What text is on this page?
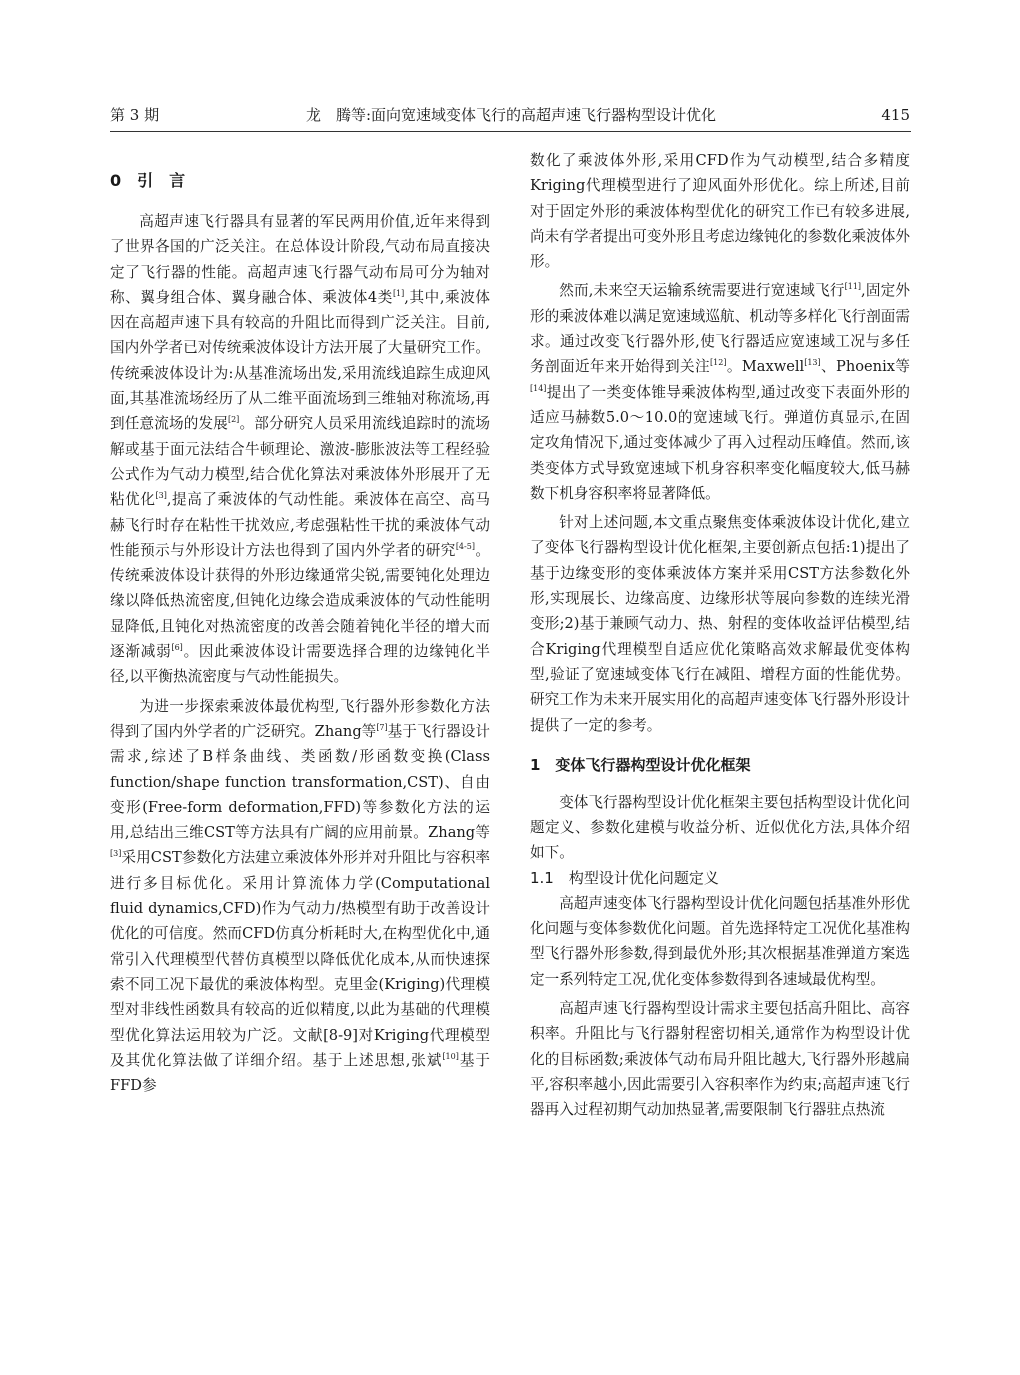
第 3 期	龙　腾等:面向宽速域变体飞行的高超声速飞行器构型设计优化	415
0　引　言

高超声速飞行器具有显著的军民两用价值,近年来得到了世界各国的广泛关注。在总体设计阶段,气动布局直接决定了飞行器的性能。高超声速飞行器气动布局可分为轴对称、翼身组合体、翼身融合体、乘波体4类[1],其中,乘波体因在高超声速下具有较高的升阻比而得到广泛关注。目前,国内外学者已对传统乘波体设计方法开展了大量研究工作。传统乘波体设计为:从基准流场出发,采用流线追踪生成迎风面,其基准流场经历了从二维平面流场到三维轴对称流场,再到任意流场的发展[2]。部分研究人员采用流线追踪时的流场解或基于面元法结合牛顿理论、激波-膨胀波法等工程经验公式作为气动力模型,结合优化算法对乘波体外形展开了无粘优化[3],提高了乘波体的气动性能。乘波体在高空、高马赫飞行时存在粘性干扰效应,考虑强粘性干扰的乘波体气动性能预示与外形设计方法也得到了国内外学者的研究[4-5]。传统乘波体设计获得的外形边缘通常尖锐,需要钝化处理边缘以降低热流密度,但钝化边缘会造成乘波体的气动性能明显降低,且钝化对热流密度的改善会随着钝化半径的增大而逐渐减弱[6]。因此乘波体设计需要选择合理的边缘钝化半径,以平衡热流密度与气动性能损失。

为进一步探索乘波体最优构型,飞行器外形参数化方法得到了国内外学者的广泛研究。Zhang等[7]基于飞行器设计需求,综述了B样条曲线、类函数/形函数变换(Class function/shape function transformation,CST)、自由变形(Free-form deformation,FFD)等参数化方法的运用,总结出三维CST等方法具有广阔的应用前景。Zhang等[3]采用CST参数化方法建立乘波体外形并对升阻比与容积率进行多目标优化。采用计算流体力学(Computational fluid dynamics,CFD)作为气动力/热模型有助于改善设计优化的可信度。然而CFD仿真分析耗时大,在构型优化中,通常引入代理模型代替仿真模型以降低优化成本,从而快速探索不同工况下最优的乘波体构型。克里金(Kriging)代理模型对非线性函数具有较高的近似精度,以此为基础的代理模型优化算法运用较为广泛。文献[8-9]对Kriging代理模型及其优化算法做了详细介绍。基于上述思想,张斌[10]基于FFD参

数化了乘波体外形,采用CFD作为气动模型,结合多精度Kriging代理模型进行了迎风面外形优化。综上所述,目前对于固定外形的乘波体构型优化的研究工作已有较多进展,尚未有学者提出可变外形且考虑边缘钝化的参数化乘波体外形。

然而,未来空天运输系统需要进行宽速域飞行[11],固定外形的乘波体难以满足宽速域巡航、机动等多样化飞行剖面需求。通过改变飞行器外形,使飞行器适应宽速域工况与多任务剖面近年来开始得到关注[12]。Maxwell[13]、Phoenix等[14]提出了一类变体锥导乘波体构型,通过改变下表面外形的适应马赫数5.0～10.0的宽速域飞行。弹道仿真显示,在固定攻角情况下,通过变体减少了再入过程动压峰值。然而,该类变体方式导致宽速域下机身容积率变化幅度较大,低马赫数下机身容积率将显著降低。

针对上述问题,本文重点聚焦变体乘波体设计优化,建立了变体飞行器构型设计优化框架,主要创新点包括:1)提出了基于边缘变形的变体乘波体方案并采用CST方法参数化外形,实现展长、边缘高度、边缘形状等展向参数的连续光滑变形;2)基于兼顾气动力、热、射程的变体收益评估模型,结合Kriging代理模型自适应优化策略高效求解最优变体构型,验证了宽速域变体飞行在减阻、增程方面的性能优势。研究工作为未来开展实用化的高超声速变体飞行器外形设计提供了一定的参考。

1　变体飞行器构型设计优化框架

变体飞行器构型设计优化框架主要包括构型设计优化问题定义、参数化建模与收益分析、近似优化方法,具体介绍如下。

1.1　构型设计优化问题定义

高超声速变体飞行器构型设计优化问题包括基准外形优化问题与变体参数优化问题。首先选择特定工况优化基准构型飞行器外形参数,得到最优外形;其次根据基准弹道方案选定一系列特定工况,优化变体参数得到各速域最优构型。

高超声速飞行器构型设计需求主要包括高升阻比、高容积率。升阻比与飞行器射程密切相关,通常作为构型设计优化的目标函数;乘波体气动布局升阻比越大,飞行器外形越扁平,容积率越小,因此需要引入容积率作为约束;高超声速飞行器再入过程初期气动加热显著,需要限制飞行器驻点热流
